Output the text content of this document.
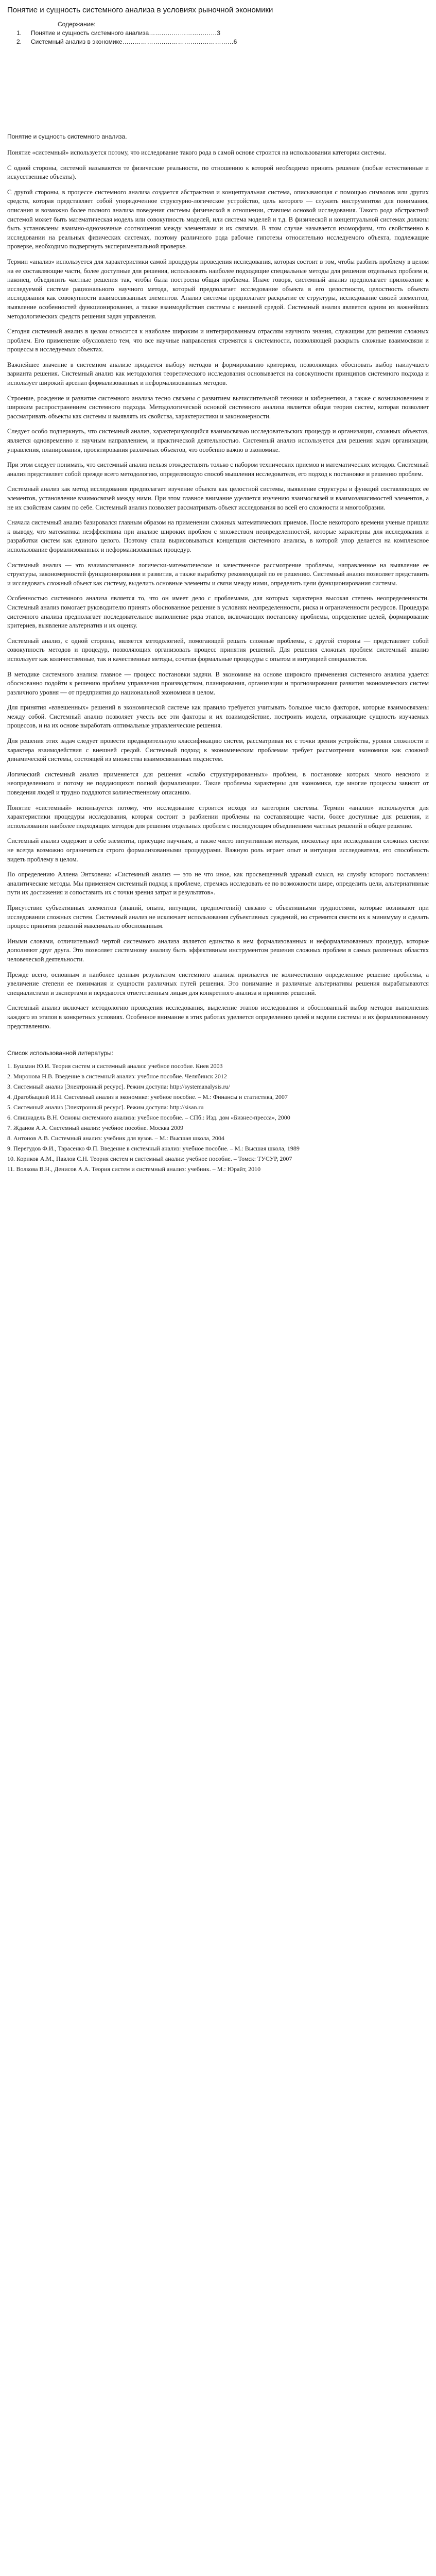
Понятие и сущность системного анализа в условиях рыночной экономики
Содержание:
1.	Понятие и сущность системного анализа …………………………… 3
2.	Системный анализ в экономике ……………………………………………… 6
Понятие и сущность системного анализа.

Понятие «системный» используется потому, что исследование такого рода в самой основе строится на использовании категории системы.

С одной стороны, системой называются те физические реальности, по отношению к которой необходимо принять решение (любые естественные и искусственные объекты).

С другой стороны, в процессе системного анализа создается абстрактная и концептуальная система, описывающая с помощью символов или других средств, которая представляет собой упорядоченное структурно-логическое устройство, цель которого — служить инструментом для понимания, описания и возможно более полного анализа поведения системы физической в отношении, ставшем основой исследования. Такого рода абстрактной системой может быть математическая модель или совокупность моделей, или система моделей и т.д. В физической и концептуальной системах должны быть установлены взаимно-однозначные соотношения между элементами и их связями. В этом случае называется изоморфизм, что свойственно в исследовании на реальных физических системах, поэтому различного рода рабочие гипотезы относительно исследуемого объекта, подлежащие проверке, необходимо подвергнуть экспериментальной проверке.

Термин «анализ» используется для характеристики самой процедуры проведения исследования, которая состоит в том, чтобы разбить проблему в целом на ее составляющие части, более доступные для решения, использовать наиболее подходящие специальные методы для решения отдельных проблем и, наконец, объединить частные решения так, чтобы была построена общая проблема. Иначе говоря, системный анализ предполагает приложение к исследуемой системе рационального научного метода, который предполагает исследование объекта в его целостности, целостность объекта исследования как совокупности взаимосвязанных элементов. Анализ системы предполагает раскрытие ее структуры, исследование связей элементов, выявление особенностей функционирования, а также взаимодействия системы с внешней средой. Системный анализ является одним из важнейших методологических средств решения задач управления.

Сегодня системный анализ в целом относится к наиболее широким и интегрированным отраслям научного знания, служащим для решения сложных проблем. Его применение обусловлено тем, что все научные направления стремятся к системности, позволяющей раскрыть сложные взаимосвязи и процессы в исследуемых объектах.

Важнейшее значение в системном анализе придается выбору методов и формированию критериев, позволяющих обосновать выбор наилучшего варианта решения. Системный анализ как методология теоретического исследования основывается на совокупности принципов системного подхода и использует широкий арсенал формализованных и неформализованных методов.

Строение, рождение и развитие системного анализа тесно связаны с развитием вычислительной техники и кибернетики, а также с возникновением и широким распространением системного подхода. Методологической основой системного анализа является общая теория систем, которая позволяет рассматривать объекты как системы и выявлять их свойства, характеристики и закономерности.

Следует особо подчеркнуть, что системный анализ, характеризующийся взаимосвязью исследовательских процедур и организации, сложных объектов, является одновременно и научным направлением, и практической деятельностью. Системный анализ используется для решения задач организации, управления, планирования, проектирования различных объектов, что особенно важно в экономике.

При этом следует понимать, что системный анализ нельзя отождествлять только с набором технических приемов и математических методов. Системный анализ представляет собой прежде всего методологию, определяющую способ мышления исследователя, его подход к постановке и решению проблем.

Системный анализ как метод исследования предполагает изучение объекта как целостной системы, выявление структуры и функций составляющих ее элементов, установление взаимосвязей между ними. При этом главное внимание уделяется изучению взаимосвязей и взаимозависимостей элементов, а не их свойствам самим по себе. Системный анализ позволяет рассматривать объект исследования во всей его сложности и многообразии.

Сначала системный анализ базировался главным образом на применении сложных математических приемов. После некоторого времени ученые пришли к выводу, что математика неэффективна при анализе широких проблем с множеством неопределенностей, которые характерны для исследования и разработки систем как единого целого. Поэтому стала вырисовываться концепция системного анализа, в которой упор делается на комплексное использование формализованных и неформализованных процедур.

Системный анализ — это взаимосвязанное логически-математическое и качественное рассмотрение проблемы, направленное на выявление ее структуры, закономерностей функционирования и развития, а также выработку рекомендаций по ее решению. Системный анализ позволяет представить и исследовать сложный объект как систему, выделить основные элементы и связи между ними, определить цели функционирования системы.

Особенностью системного анализа является то, что он имеет дело с проблемами, для которых характерна высокая степень неопределенности. Системный анализ помогает руководителю принять обоснованное решение в условиях неопределенности, риска и ограниченности ресурсов. Процедура системного анализа предполагает последовательное выполнение ряда этапов, включающих постановку проблемы, определение целей, формирование критериев, выявление альтернатив и их оценку.

Системный анализ, с одной стороны, является методологией, помогающей решать сложные проблемы, с другой стороны — представляет собой совокупность методов и процедур, позволяющих организовать процесс принятия решений. Для решения сложных проблем системный анализ использует как количественные, так и качественные методы, сочетая формальные процедуры с опытом и интуицией специалистов.

В методике системного анализа главное — процесс постановки задачи. В экономике на основе широкого применения системного анализа удается обоснованно подойти к решению проблем управления производством, планирования, организации и прогнозирования развития экономических систем различного уровня — от предприятия до национальной экономики в целом.

Для принятия «взвешенных» решений в экономической системе как правило требуется учитывать большое число факторов, которые взаимосвязаны между собой. Системный анализ позволяет учесть все эти факторы и их взаимодействие, построить модели, отражающие сущность изучаемых процессов, и на их основе выработать оптимальные управленческие решения.

Для решения этих задач следует провести предварительную классификацию систем, рассматривая их с точки зрения устройства, уровня сложности и характера взаимодействия с внешней средой. Системный подход к экономическим проблемам требует рассмотрения экономики как сложной динамической системы, состоящей из множества взаимосвязанных подсистем.

Логический системный анализ применяется для решения «слабо структурированных» проблем, в постановке которых много неясного и неопределенного и потому не поддающихся полной формализации. Такие проблемы характерны для экономики, где многие процессы зависят от поведения людей и трудно поддаются количественному описанию.

Понятие «системный» используется потому, что исследование строится исходя из категории системы. Термин «анализ» используется для характеристики процедуры исследования, которая состоит в разбиении проблемы на составляющие части, более доступные для решения, и использовании наиболее подходящих методов для решения отдельных проблем с последующим объединением частных решений в общее решение.

Системный анализ содержит в себе элементы, присущие научным, а также чисто интуитивным методам, поскольку при исследовании сложных систем не всегда возможно ограничиться строго формализованными процедурами. Важную роль играет опыт и интуиция исследователя, его способность видеть проблему в целом.

По определению Аллена Энтховена: «Системный анализ — это не что иное, как просвещенный здравый смысл, на службу которого поставлены аналитические методы. Мы применяем системный подход к проблеме, стремясь исследовать ее по возможности шире, определить цели, альтернативные пути их достижения и сопоставить их с точки зрения затрат и результатов».

Присутствие субъективных элементов (знаний, опыта, интуиции, предпочтений) связано с объективными трудностями, которые возникают при исследовании сложных систем. Системный анализ не исключает использования субъективных суждений, но стремится свести их к минимуму и сделать процесс принятия решений максимально обоснованным.

Иными словами, отличительной чертой системного анализа является единство в нем формализованных и неформализованных процедур, которые дополняют друг друга. Это позволяет системному анализу быть эффективным инструментом решения сложных проблем в самых различных областях человеческой деятельности.

Прежде всего, основным и наиболее ценным результатом системного анализа признается не количественно определенное решение проблемы, а увеличение степени ее понимания и сущности различных путей решения. Это понимание и различные альтернативы решения вырабатываются специалистами и экспертами и передаются ответственным лицам для конкретного анализа и принятия решений.

Системный анализ включает методологию проведения исследования, выделение этапов исследования и обоснованный выбор методов выполнения каждого из этапов в конкретных условиях. Особенное внимание в этих работах уделяется определению целей и модели системы и их формализованному представлению.

Список использованной литературы:

1. Бушмин Ю.И. Теория систем и системный анализ: учебное пособие. Киев 2003

2. Миронова Н.В. Введение в системный анализ: учебное пособие. Челябинск 2012

3. Системный анализ [Электронный ресурс]. Режим доступа: http://systemanalysis.ru/

4. Драгобыцкий И.Н. Системный анализ в экономике: учебное пособие. – М.: Финансы и статистика, 2007

5. Системный анализ [Электронный ресурс]. Режим доступа: http://sisan.ru

6. Спицнадель В.Н. Основы системного анализа: учебное пособие. – СПб.: Изд. дом «Бизнес-пресса», 2000

7. Жданов А.А. Системный анализ: учебное пособие. Москва 2009

8. Антонов А.В. Системный анализ: учебник для вузов. – М.: Высшая школа, 2004

9. Перегудов Ф.И., Тарасенко Ф.П. Введение в системный анализ: учебное пособие. – М.: Высшая школа, 1989

10. Кориков А.М., Павлов С.Н. Теория систем и системный анализ: учебное пособие. – Томск: ТУСУР, 2007

11. Волкова В.Н., Денисов А.А. Теория систем и системный анализ: учебник. – М.: Юрайт, 2010
